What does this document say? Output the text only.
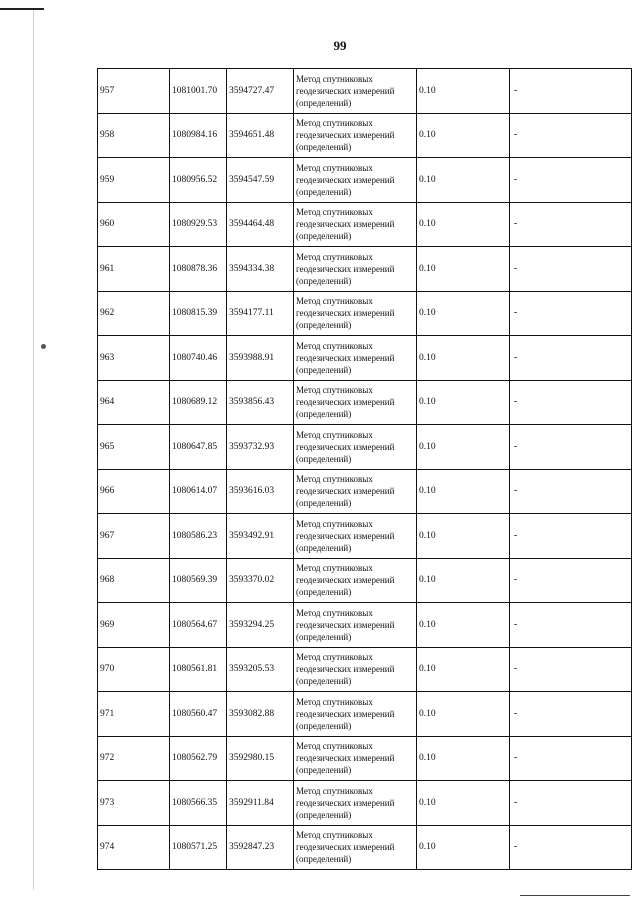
99
957	1081001.70	3594727.47	Метод спутниковых геодезических измерений (определений)	0.10	-
958	1080984.16	3594651.48	Метод спутниковых геодезических измерений (определений)	0.10	-
959	1080956.52	3594547.59	Метод спутниковых геодезических измерений (определений)	0.10	-
960	1080929.53	3594464.48	Метод спутниковых геодезических измерений (определений)	0.10	-
961	1080878.36	3594334.38	Метод спутниковых геодезических измерений (определений)	0.10	-
962	1080815.39	3594177.11	Метод спутниковых геодезических измерений (определений)	0.10	-
963	1080740.46	3593988.91	Метод спутниковых геодезических измерений (определений)	0.10	-
964	1080689.12	3593856.43	Метод спутниковых геодезических измерений (определений)	0.10	-
965	1080647.85	3593732.93	Метод спутниковых геодезических измерений (определений)	0.10	-
966	1080614.07	3593616.03	Метод спутниковых геодезических измерений (определений)	0.10	-
967	1080586.23	3593492.91	Метод спутниковых геодезических измерений (определений)	0.10	-
968	1080569.39	3593370.02	Метод спутниковых геодезических измерений (определений)	0.10	-
969	1080564.67	3593294.25	Метод спутниковых геодезических измерений (определений)	0.10	-
970	1080561.81	3593205.53	Метод спутниковых геодезических измерений (определений)	0.10	-
971	1080560.47	3593082.88	Метод спутниковых геодезических измерений (определений)	0.10	-
972	1080562.79	3592980.15	Метод спутниковых геодезических измерений (определений)	0.10	-
973	1080566.35	3592911.84	Метод спутниковых геодезических измерений (определений)	0.10	-
974	1080571.25	3592847.23	Метод спутниковых геодезических измерений (определений)	0.10	-
